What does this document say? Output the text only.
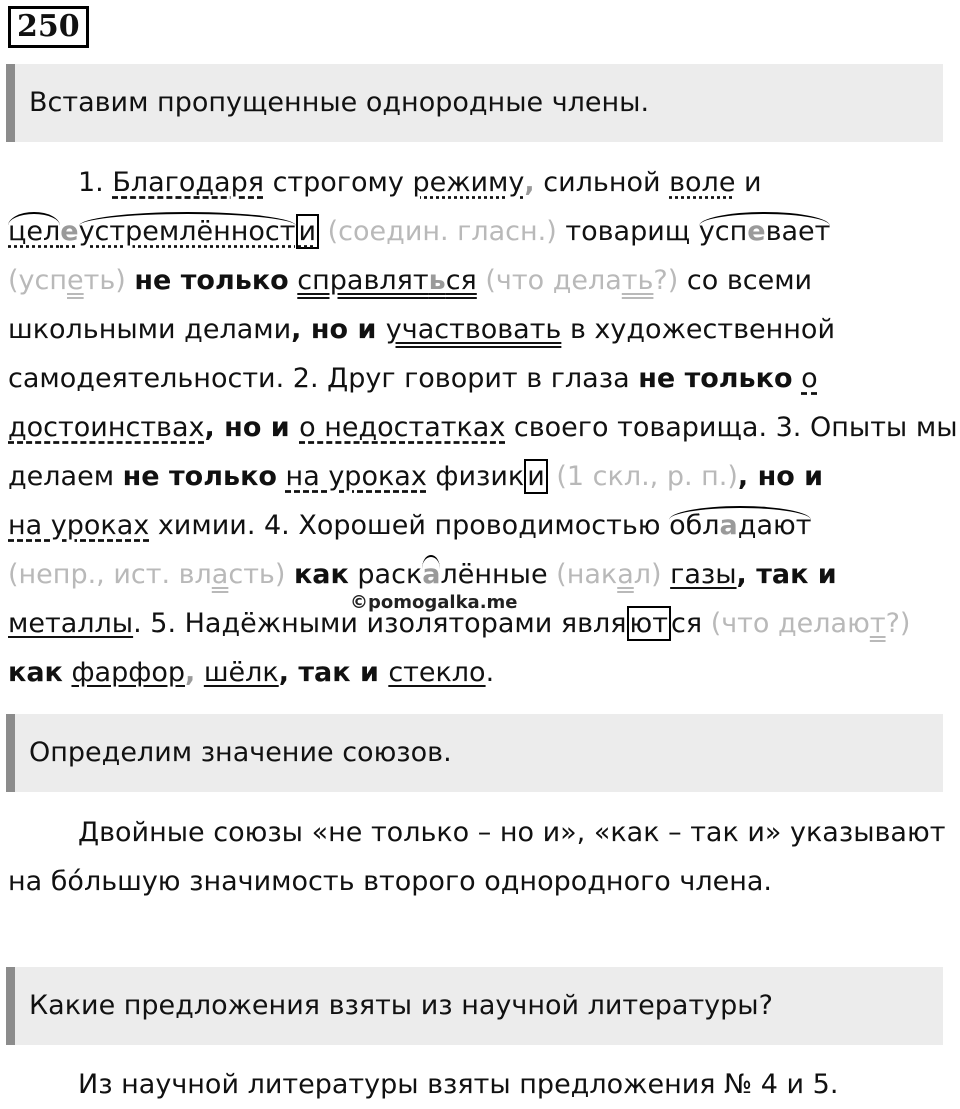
250
Вставим пропущенные однородные члены.
1. Благодаря строгому режиму, сильной воле и
целеустремлённост и (соедин. гласн.) товарищ успевает
(успеть) не только справляться (что делать?) со всеми школьными делами, но и участвовать в художественной самодеятельности. 2. Друг говорит в глаза не только о достоинствах, но и о недостатках своего товарища. 3. Опыты мы делаем не только на уроках физик и (1 скл., р. п.), но и
на уроках химии. 4. Хорошей проводимостью обладают
(непр., ист. власть) как раскалённые (накал) газы, так и
металлы. 5. Надёжными изоляторами явля ют ся (что делают?) как фарфор, шёлк, так и стекло.
©pomogalka.me
Определим значение союзов.
Двойные союзы «не только – но и», «как – так и» указывают на бо́льшую значимость второго однородного члена.
Какие предложения взяты из научной литературы?
Из научной литературы взяты предложения № 4 и 5.
